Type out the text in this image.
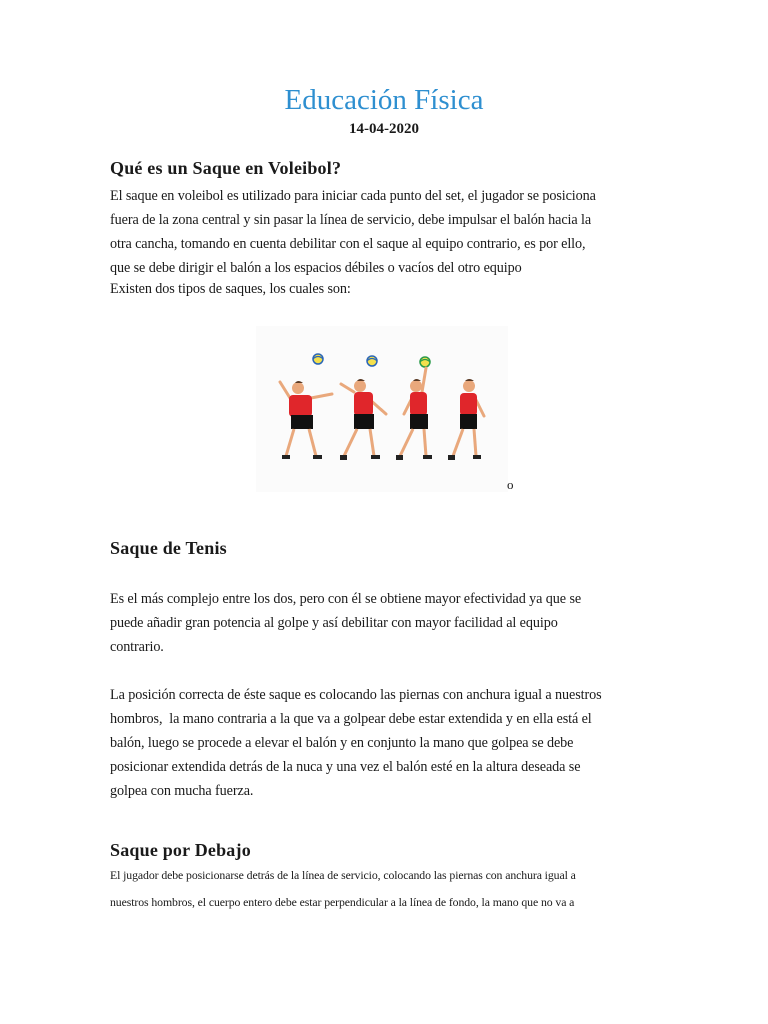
Educación Física
14-04-2020
Qué es un Saque en Voleibol?
El saque en voleibol es utilizado para iniciar cada punto del set, el jugador se posiciona
fuera de la zona central y sin pasar la línea de servicio, debe impulsar el balón hacia la
otra cancha, tomando en cuenta debilitar con el saque al equipo contrario, es por ello,
que se debe dirigir el balón a los espacios débiles o vacíos del otro equipo
Existen dos tipos de saques, los cuales son:
o
Saque de Tenis
Es el más complejo entre los dos, pero con él se obtiene mayor efectividad ya que se
puede añadir gran potencia al golpe y así debilitar con mayor facilidad al equipo
contrario.
La posición correcta de éste saque es colocando las piernas con anchura igual a nuestros
hombros,  la mano contraria a la que va a golpear debe estar extendida y en ella está el
balón, luego se procede a elevar el balón y en conjunto la mano que golpea se debe
posicionar extendida detrás de la nuca y una vez el balón esté en la altura deseada se
golpea con mucha fuerza.
Saque por Debajo
El jugador debe posicionarse detrás de la línea de servicio, colocando las piernas con anchura igual a
nuestros hombros, el cuerpo entero debe estar perpendicular a la línea de fondo, la mano que no va a
